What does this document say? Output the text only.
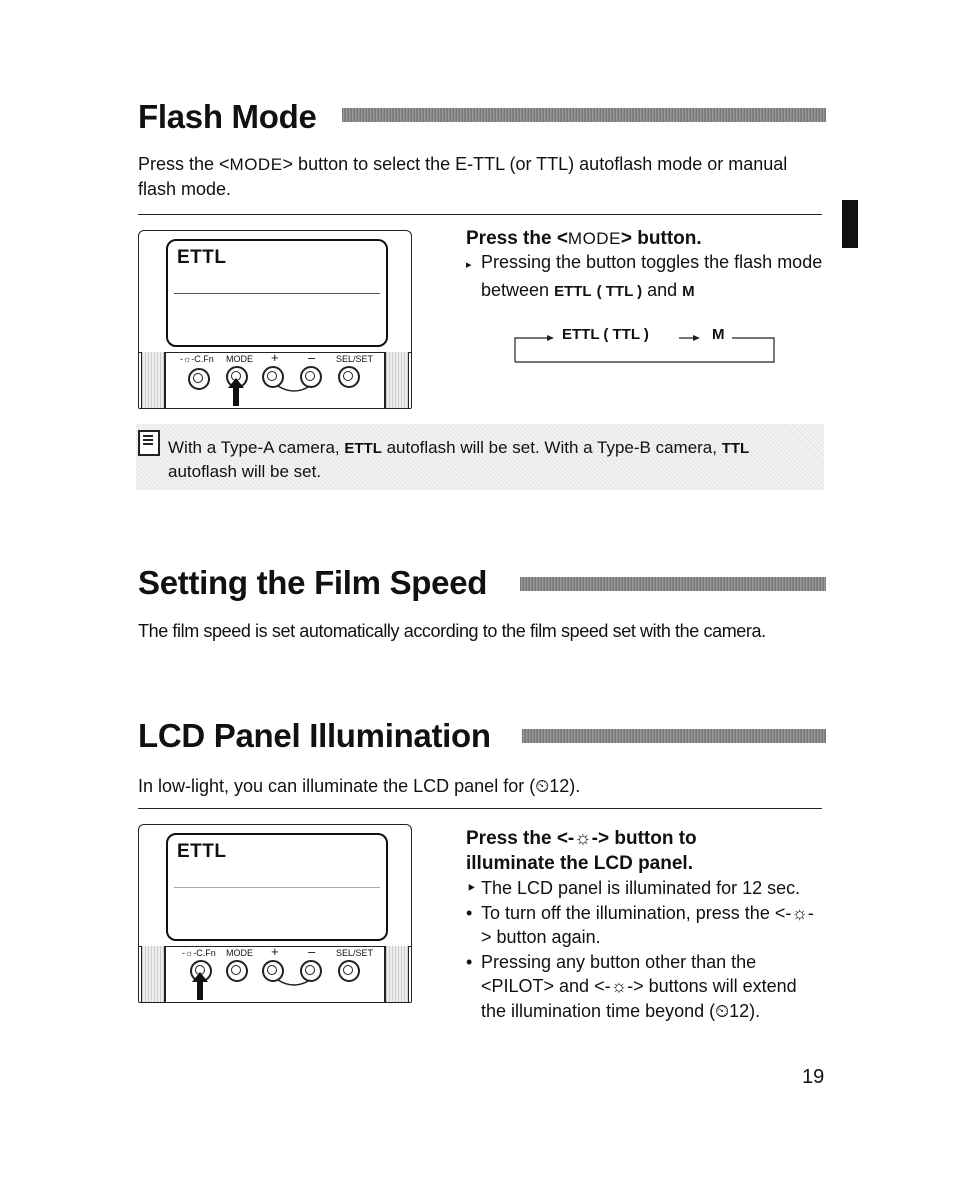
Flash Mode

Press the <MODE> button to select the E-TTL (or TTL) autoflash mode or manual flash mode.

ETTL
-☼-C.Fn MODE + – SEL/SET
Press the <MODE> button.

▸ Pressing the button toggles the flash mode between ETTL ( TTL ) and M

ETTL ( TTL )	M

With a Type-A camera, ETTL autoflash will be set. With a Type-B camera, TTL autoflash will be set.

Setting the Film Speed

The film speed is set automatically according to the film speed set with the camera.

LCD Panel Illumination

In low-light, you can illuminate the LCD panel for (⏲12).

ETTL
-☼-C.Fn MODE + – SEL/SET
Press the <-☼-> button to illuminate the LCD panel.

‣ The LCD panel is illuminated for 12 sec.

• To turn off the illumination, press the <-☼-> button again.

• Pressing any button other than the <PILOT> and <-☼-> buttons will extend the illumination time beyond (⏲12).

19
